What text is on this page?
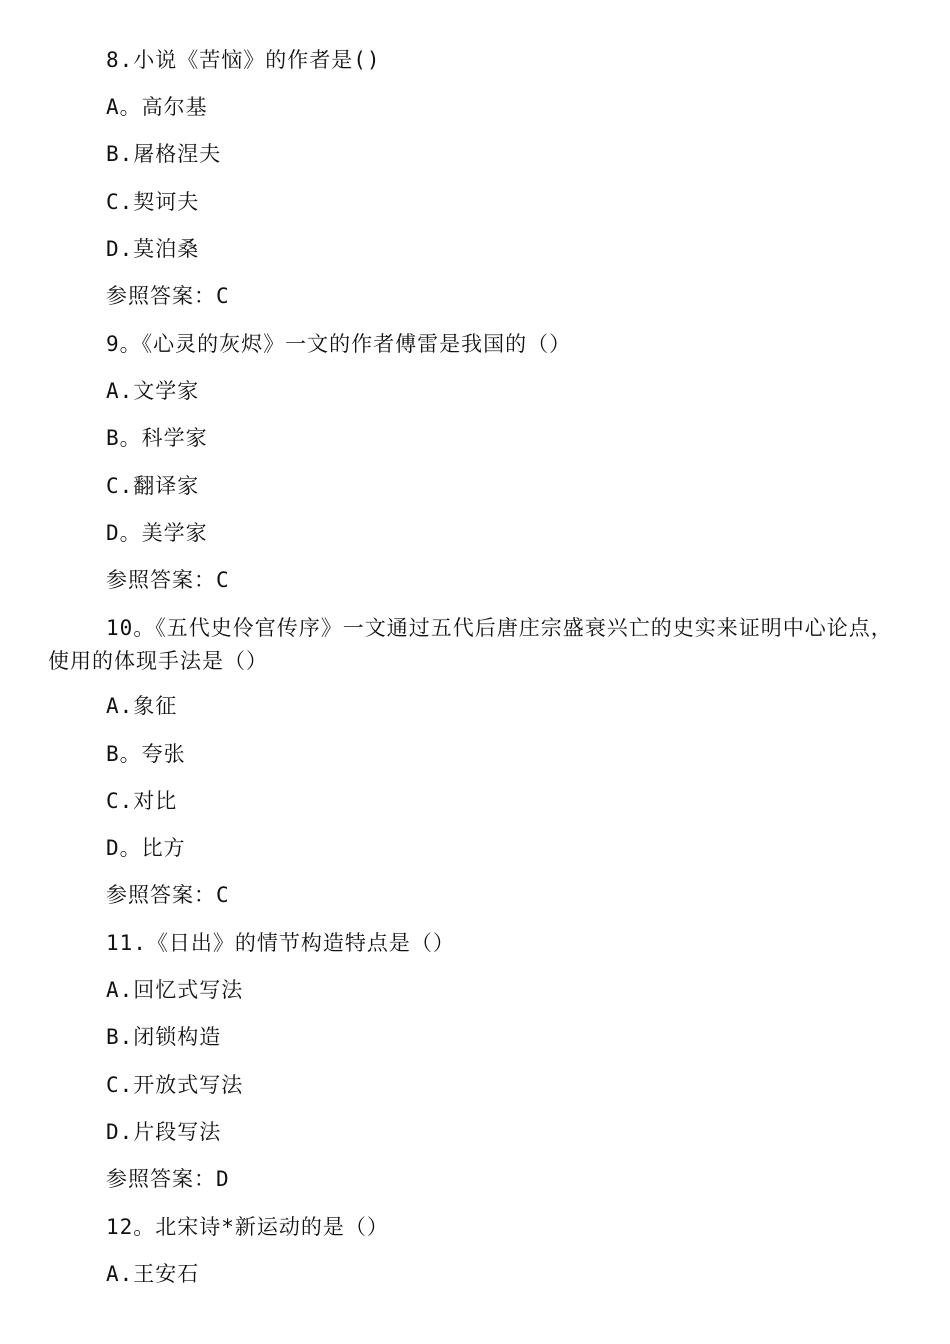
8.小说《苦恼》的作者是()
A。高尔基
B.屠格涅夫
C.契诃夫
D.莫泊桑
参照答案：C
9。《心灵的灰烬》一文的作者傅雷是我国的（）
A.文学家
B。科学家
C.翻译家
D。美学家
参照答案：C
10。《五代史伶官传序》一文通过五代后唐庄宗盛衰兴亡的史实来证明中心论点，使用的体现手法是（）
A.象征
B。夸张
C.对比
D。比方
参照答案：C
11.《日出》的情节构造特点是（）
A.回忆式写法
B.闭锁构造
C.开放式写法
D.片段写法
参照答案：D
12。北宋诗*新运动的是（）
A.王安石
